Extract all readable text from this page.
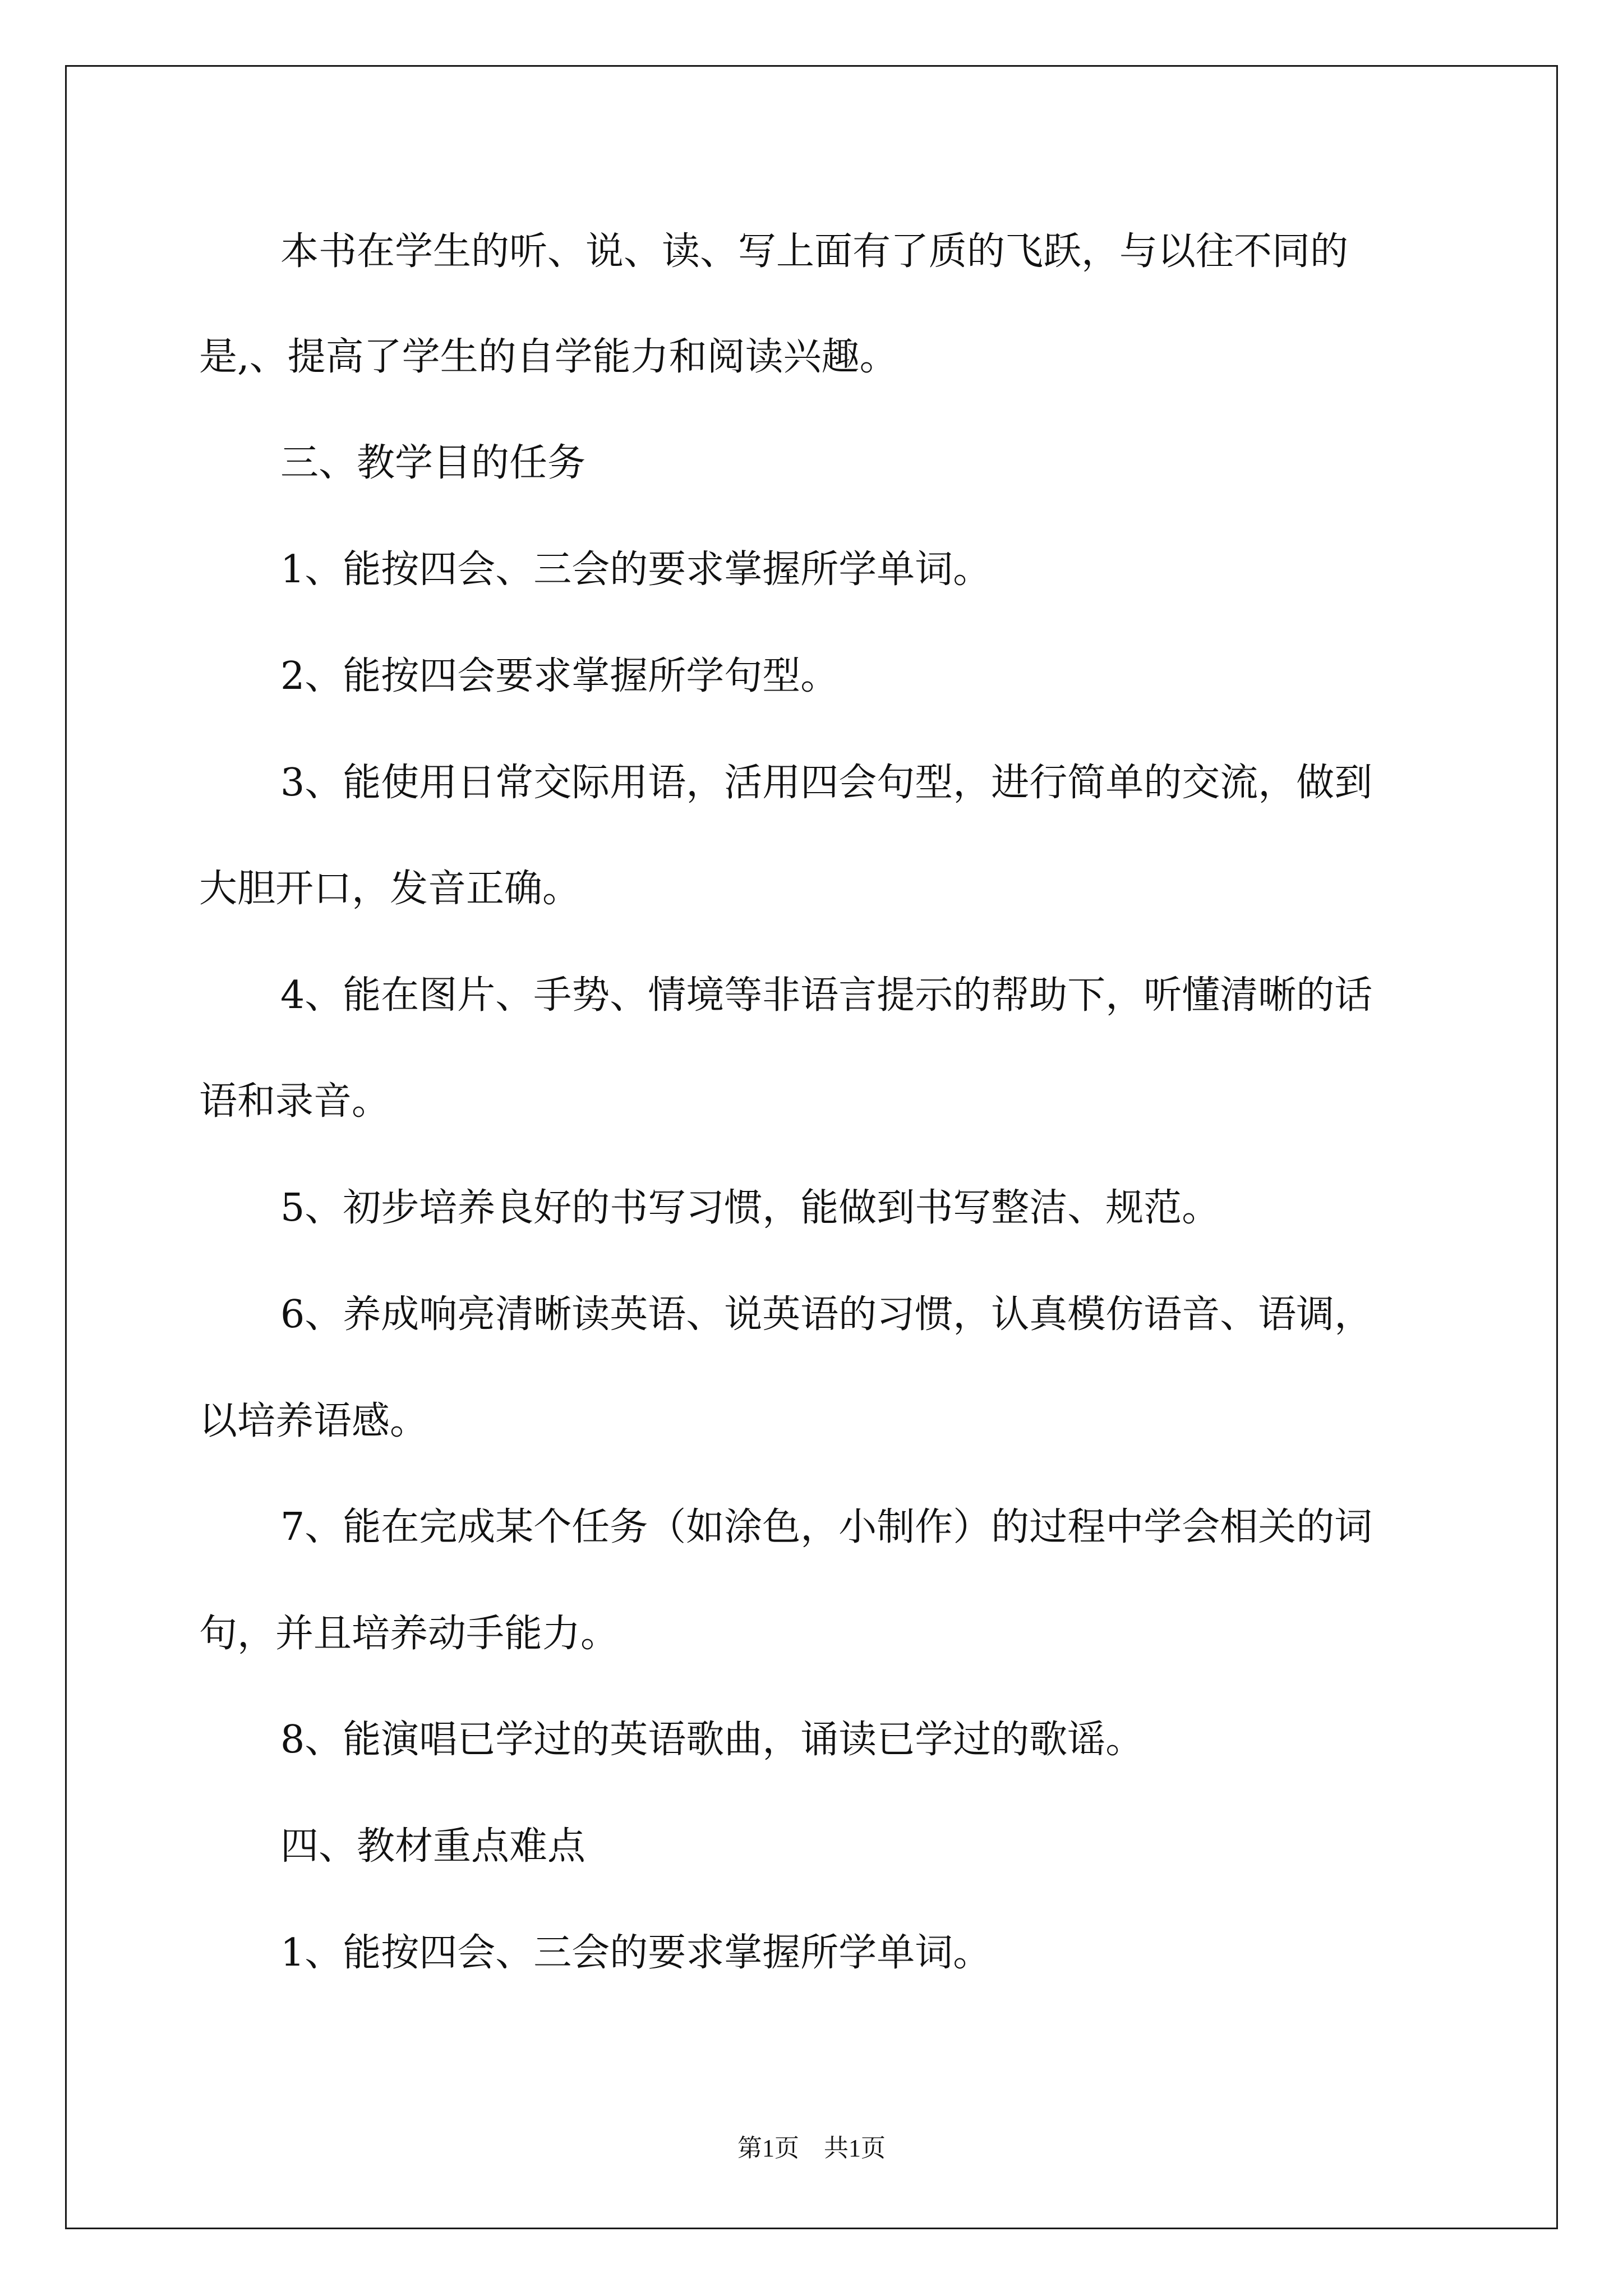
本书在学生的听、说、读、写上面有了质的飞跃，与以往不同的
是,、提高了学生的自学能力和阅读兴趣。
三、教学目的任务
1、能按四会、三会的要求掌握所学单词。
2、能按四会要求掌握所学句型。
3、能使用日常交际用语，活用四会句型，进行简单的交流，做到
大胆开口，发音正确。
4、能在图片、手势、情境等非语言提示的帮助下，听懂清晰的话
语和录音。
5、初步培养良好的书写习惯，能做到书写整洁、规范。
6、养成响亮清晰读英语、说英语的习惯，认真模仿语音、语调，
以培养语感。
7、能在完成某个任务（如涂色，小制作）的过程中学会相关的词
句，并且培养动手能力。
8、能演唱已学过的英语歌曲，诵读已学过的歌谣。
四、教材重点难点
1、能按四会、三会的要求掌握所学单词。
第1页　共1页
